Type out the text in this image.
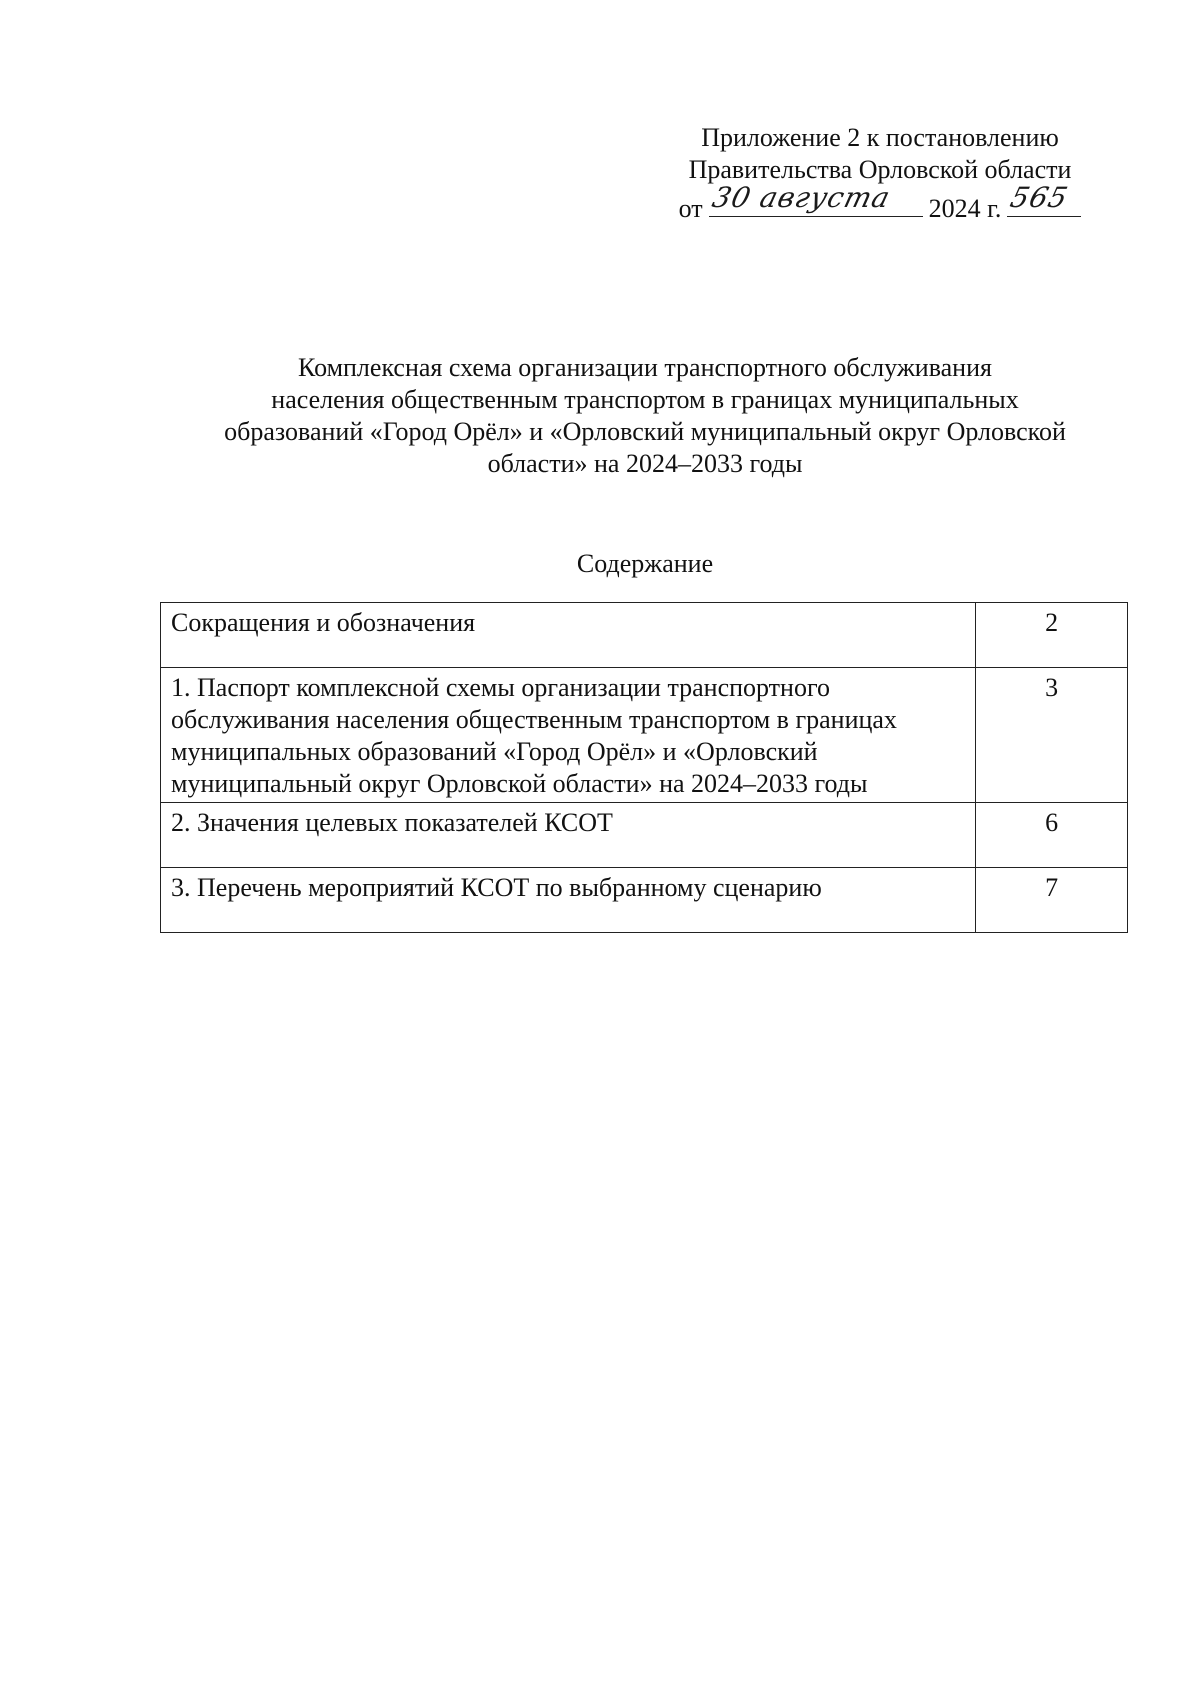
Приложение 2 к постановлению
Правительства Орловской области
от 30 августа 2024 г. 565
Комплексная схема организации транспортного обслуживания
населения общественным транспортом в границах муниципальных
образований «Город Орёл» и «Орловский муниципальный округ Орловской
области» на 2024–2033 годы
Содержание
Сокращения и обозначения	2

1. Паспорт комплексной схемы организации транспортного
обслуживания населения общественным транспортом в границах
муниципальных образований «Город Орёл» и «Орловский
муниципальный округ Орловской области» на 2024–2033 годы	3

2. Значения целевых показателей КСОТ	6

3. Перечень мероприятий КСОТ по выбранному сценарию	7
